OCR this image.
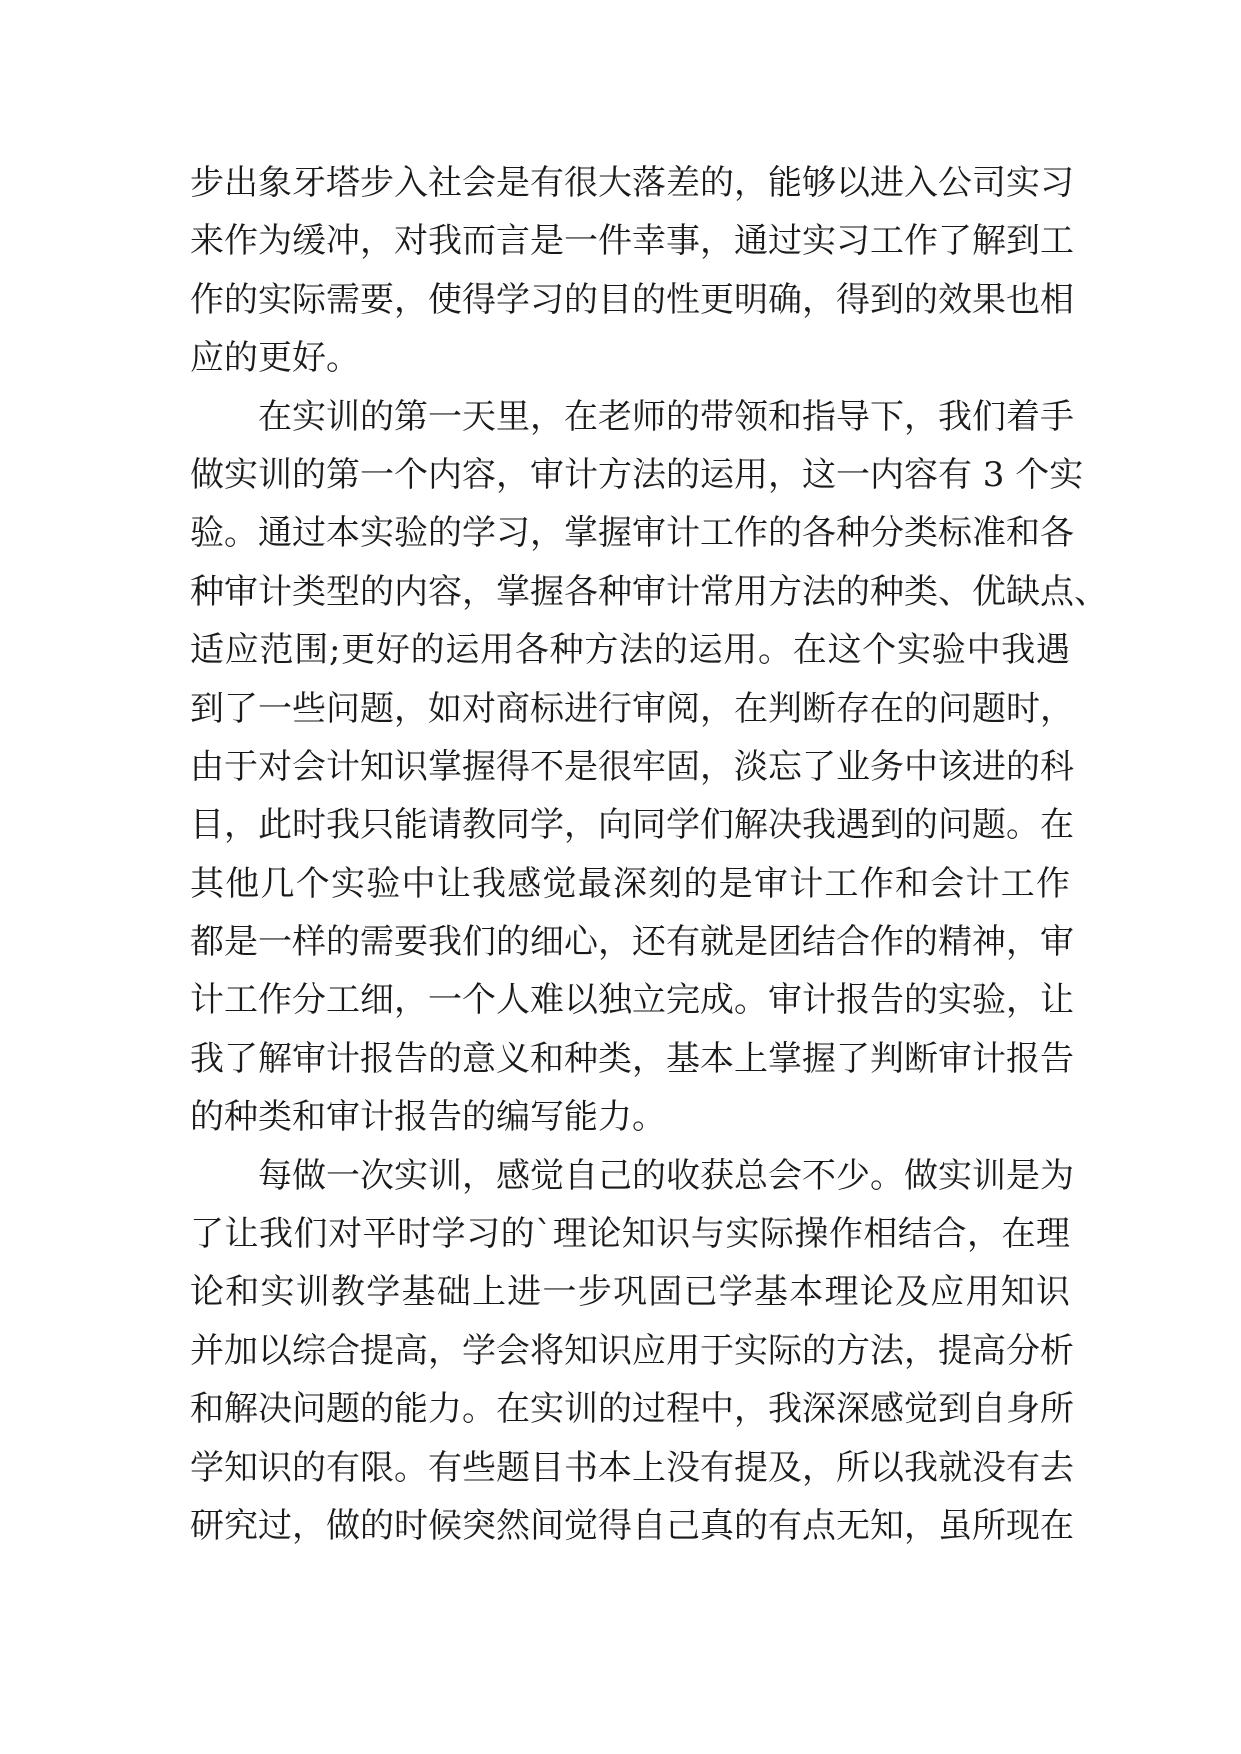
步出象牙塔步入社会是有很大落差的，能够以进入公司实习
来作为缓冲，对我而言是一件幸事，通过实习工作了解到工
作的实际需要，使得学习的目的性更明确，得到的效果也相
应的更好。
在实训的第一天里，在老师的带领和指导下，我们着手
做实训的第一个内容，审计方法的运用，这一内容有 3 个实
验。通过本实验的学习，掌握审计工作的各种分类标准和各
种审计类型的内容，掌握各种审计常用方法的种类、优缺点、
适应范围;更好的运用各种方法的运用。在这个实验中我遇
到了一些问题，如对商标进行审阅，在判断存在的问题时，
由于对会计知识掌握得不是很牢固，淡忘了业务中该进的科
目，此时我只能请教同学，向同学们解决我遇到的问题。在
其他几个实验中让我感觉最深刻的是审计工作和会计工作
都是一样的需要我们的细心，还有就是团结合作的精神，审
计工作分工细，一个人难以独立完成。审计报告的实验，让
我了解审计报告的意义和种类，基本上掌握了判断审计报告
的种类和审计报告的编写能力。
每做一次实训，感觉自己的收获总会不少。做实训是为
了让我们对平时学习的`理论知识与实际操作相结合，在理
论和实训教学基础上进一步巩固已学基本理论及应用知识
并加以综合提高，学会将知识应用于实际的方法，提高分析
和解决问题的能力。在实训的过程中，我深深感觉到自身所
学知识的有限。有些题目书本上没有提及，所以我就没有去
研究过，做的时候突然间觉得自己真的有点无知，虽所现在
